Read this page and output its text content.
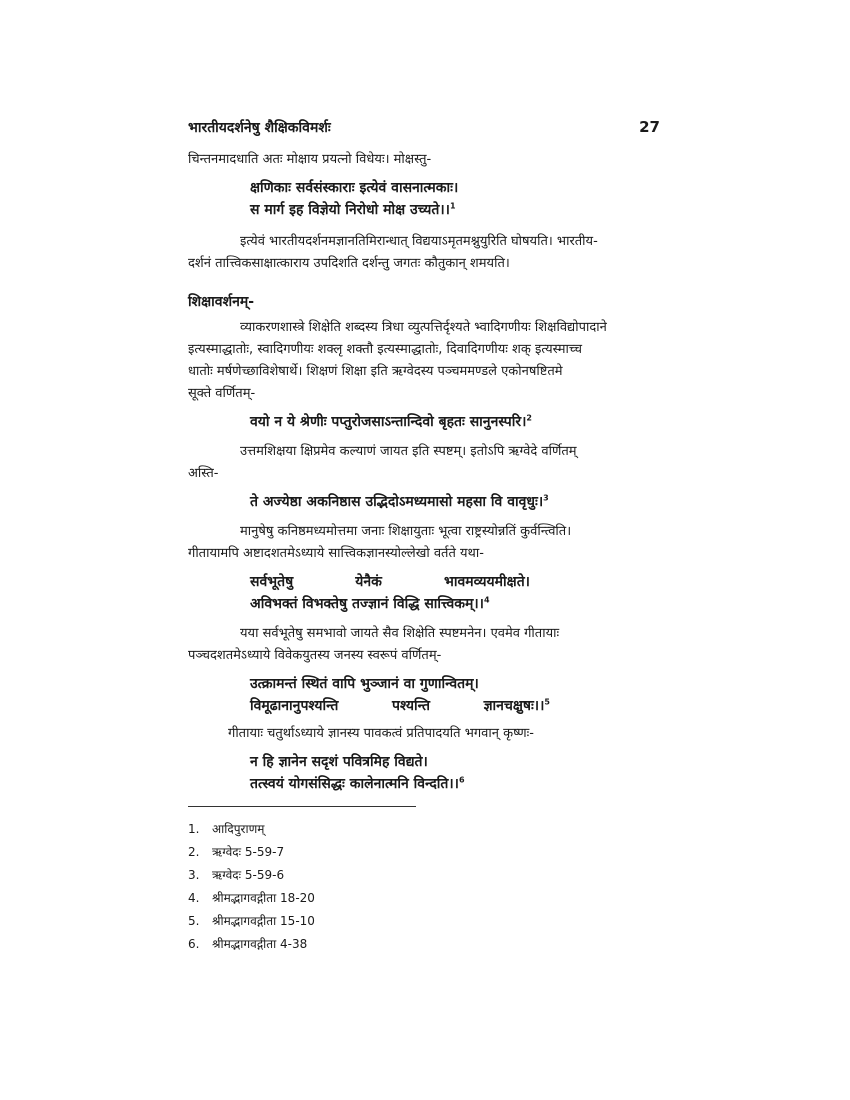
भारतीयदर्शनेषु शैक्षिकविमर्शः	27
चिन्तनमादधाति अतः मोक्षाय प्रयत्नो विधेयः। मोक्षस्तु-
क्षणिकाः सर्वसंस्काराः इत्येवं वासनात्मकाः।
स मार्ग इह विज्ञेयो निरोधो मोक्ष उच्यते।।$^1$
इत्येवं भारतीयदर्शनमज्ञानतिमिरान्धात् विद्ययाऽमृतमश्नुयुरिति घोषयति। भारतीय-
दर्शनं तात्त्विकसाक्षात्काराय उपदिशति दर्शन्तु जगतः कौतुकान् शमयति।
शिक्षावर्शनम्-
व्याकरणशास्त्रे शिक्षेति शब्दस्य त्रिधा व्युत्पत्तिर्दृश्यते भ्वादिगणीयः शिक्षविद्योपादाने
इत्यस्माद्धातोः, स्वादिगणीयः शक्लृ शक्तौ इत्यस्माद्धातोः, दिवादिगणीयः शक् इत्यस्माच्च
धातोः मर्षणेच्छाविशेषार्थे। शिक्षणं शिक्षा इति ऋग्वेदस्य पञ्चममण्डले एकोनषष्टितमे
सूक्ते वर्णितम्-
वयो न ये श्रेणीः पप्तुरोजसाऽन्तान्दिवो बृहतः सानुनस्परि।$^2$
उत्तमशिक्षया क्षिप्रमेव कल्याणं जायत इति स्पष्टम्। इतोऽपि ऋग्वेदे वर्णितम्
अस्ति-
ते अज्येष्ठा अकनिष्ठास उद्भिदोऽमध्यमासो महसा वि वावृधुः।$^3$
मानुषेषु कनिष्ठमध्यमोत्तमा जनाः शिक्षायुताः भूत्वा राष्ट्रस्योन्नतिं कुर्वन्त्विति।
गीतायामपि अष्टादशतमेऽध्याये सात्त्विकज्ञानस्योल्लेखो वर्तते यथा-
सर्वभूतेषु	येनैकं	भावमव्ययमीक्षते।
अविभक्तं विभक्तेषु तज्ज्ञानं विद्धि सात्त्विकम्।।$^4$
यया सर्वभूतेषु समभावो जायते सैव शिक्षेति स्पष्टमनेन। एवमेव गीतायाः
पञ्चदशतमेऽध्याये विवेकयुतस्य जनस्य स्वरूपं वर्णितम्-
उत्क्रामन्तं स्थितं वापि भुञ्जानं वा गुणान्वितम्।
विमूढानानुपश्यन्ति	पश्यन्ति	ज्ञानचक्षुषः।।$^5$
गीतायाः चतुर्थाऽध्याये ज्ञानस्य पावकत्वं प्रतिपादयति भगवान् कृष्णः-
न हि ज्ञानेन सदृशं पवित्रमिह विद्यते।
तत्स्वयं योगसंसिद्धः कालेनात्मनि विन्दति।।$^6$
1.	आदिपुराणम्
2.	ऋग्वेदः 5-59-7
3.	ऋग्वेदः 5-59-6
4.	श्रीमद्भागवद्गीता 18-20
5.	श्रीमद्भागवद्गीता 15-10
6.	श्रीमद्भागवद्गीता 4-38
